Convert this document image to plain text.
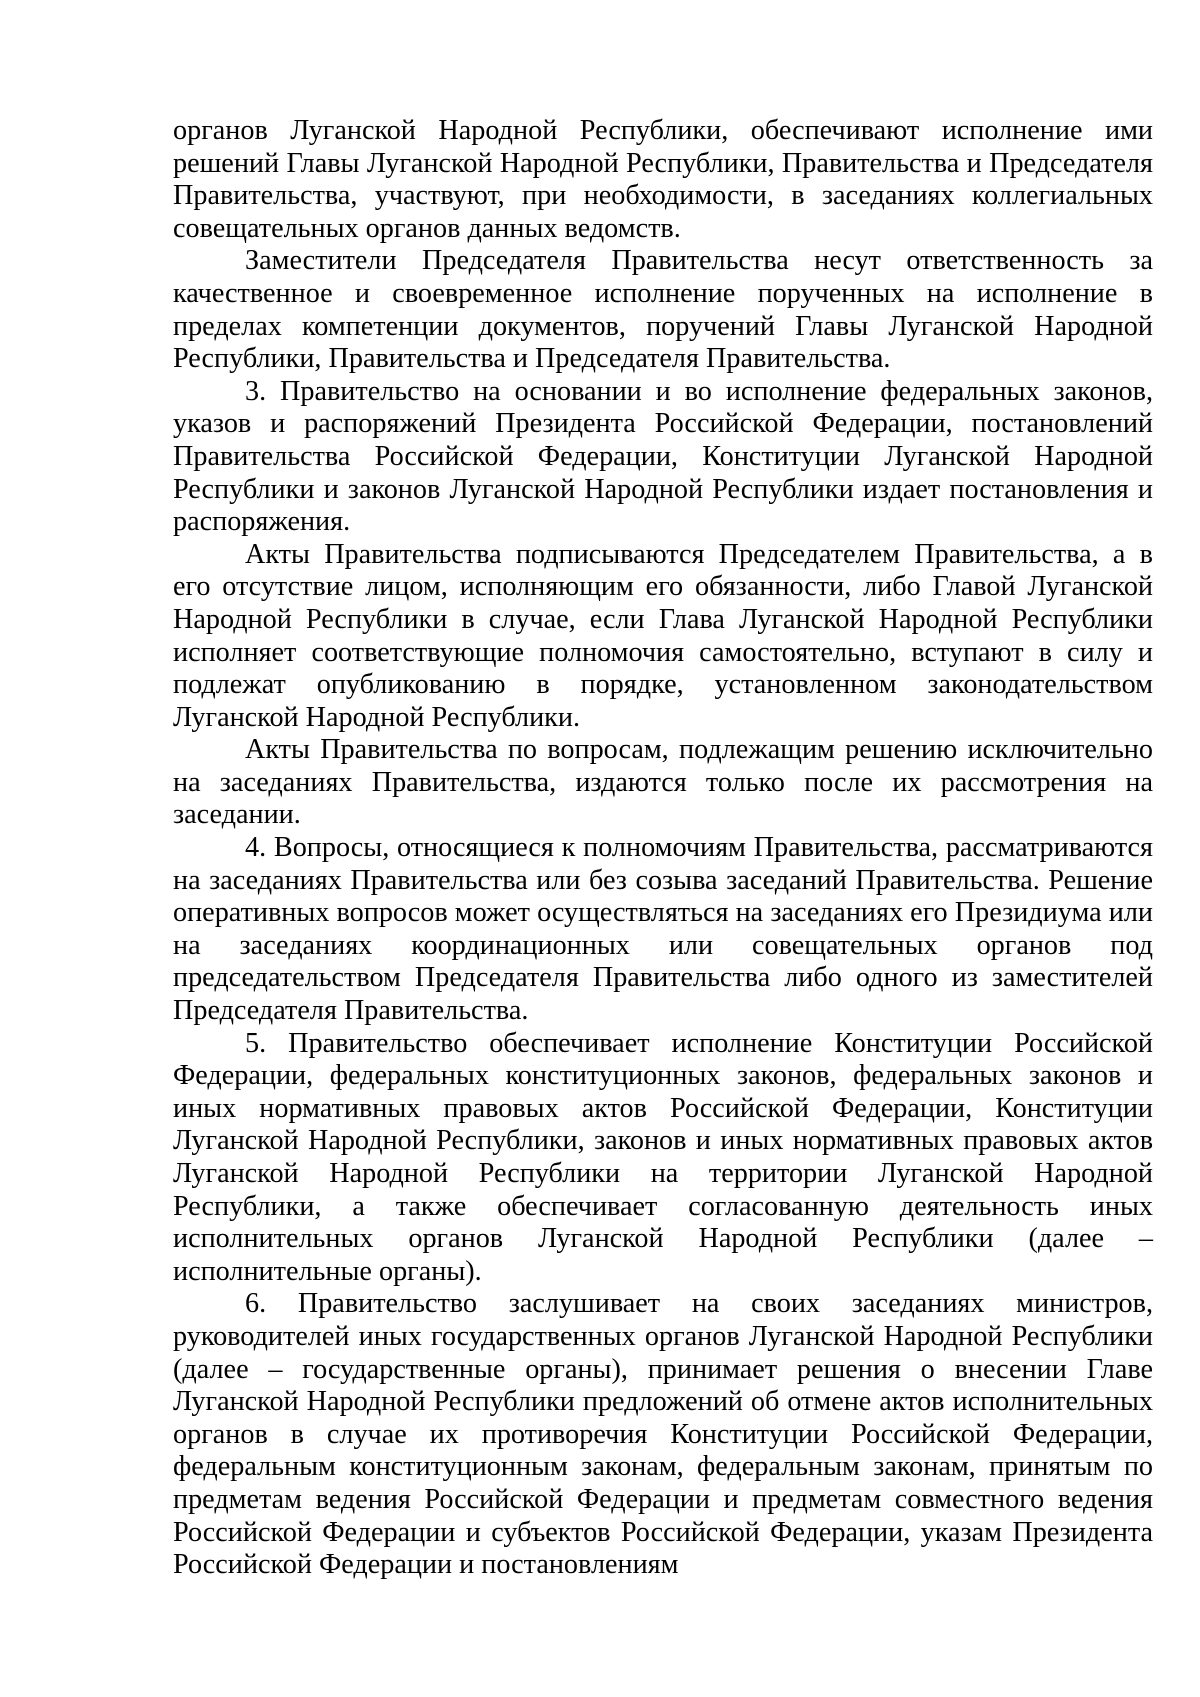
органов Луганской Народной Республики, обеспечивают исполнение ими решений Главы Луганской Народной Республики, Правительства и Председателя Правительства, участвуют, при необходимости, в заседаниях коллегиальных совещательных органов данных ведомств.

Заместители Председателя Правительства несут ответственность за качественное и своевременное исполнение порученных на исполнение в пределах компетенции документов, поручений Главы Луганской Народной Республики, Правительства и Председателя Правительства.

3. Правительство на основании и во исполнение федеральных законов, указов и распоряжений Президента Российской Федерации, постановлений Правительства Российской Федерации, Конституции Луганской Народной Республики и законов Луганской Народной Республики издает постановления и распоряжения.

Акты Правительства подписываются Председателем Правительства, а в его отсутствие лицом, исполняющим его обязанности, либо Главой Луганской Народной Республики в случае, если Глава Луганской Народной Республики исполняет соответствующие полномочия самостоятельно, вступают в силу и подлежат опубликованию в порядке, установленном законодательством Луганской Народной Республики.

Акты Правительства по вопросам, подлежащим решению исключительно на заседаниях Правительства, издаются только после их рассмотрения на заседании.

4. Вопросы, относящиеся к полномочиям Правительства, рассматриваются на заседаниях Правительства или без созыва заседаний Правительства. Решение оперативных вопросов может осуществляться на заседаниях его Президиума или на заседаниях координационных или совещательных органов под председательством Председателя Правительства либо одного из заместителей Председателя Правительства.

5. Правительство обеспечивает исполнение Конституции Российской Федерации, федеральных конституционных законов, федеральных законов и иных нормативных правовых актов Российской Федерации, Конституции Луганской Народной Республики, законов и иных нормативных правовых актов Луганской Народной Республики на территории Луганской Народной Республики, а также обеспечивает согласованную деятельность иных исполнительных органов Луганской Народной Республики (далее – исполнительные органы).

6. Правительство заслушивает на своих заседаниях министров, руководителей иных государственных органов Луганской Народной Республики (далее – государственные органы), принимает решения о внесении Главе Луганской Народной Республики предложений об отмене актов исполнительных органов в случае их противоречия Конституции Российской Федерации, федеральным конституционным законам, федеральным законам, принятым по предметам ведения Российской Федерации и предметам совместного ведения Российской Федерации и субъектов Российской Федерации, указам Президента Российской Федерации и постановлениям
